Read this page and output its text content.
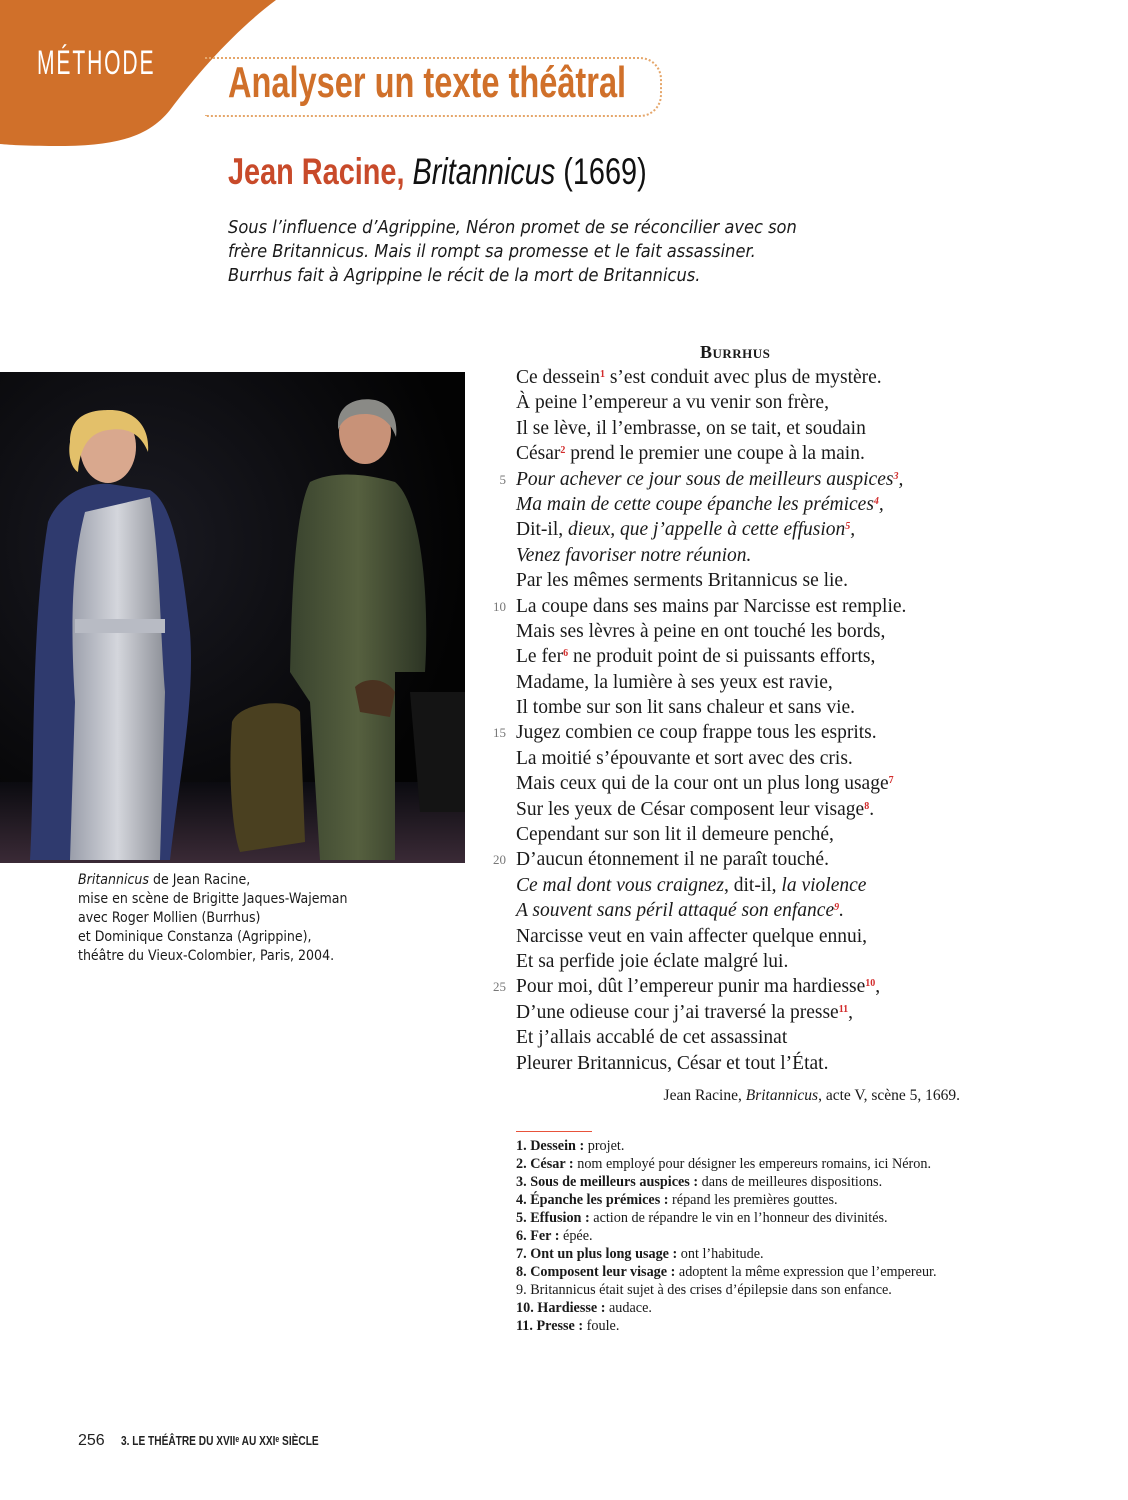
MÉTHODE Analyser un texte théâtral
Jean Racine, Britannicus (1669)
Sous l’influence d’Agrippine, Néron promet de se réconcilier avec son
frère Britannicus. Mais il rompt sa promesse et le fait assassiner.
Burrhus fait à Agrippine le récit de la mort de Britannicus.
Britannicus de Jean Racine,
mise en scène de Brigitte Jaques-Wajeman
avec Roger Mollien (Burrhus)
et Dominique Constanza (Agrippine),
théâtre du Vieux-Colombier, Paris, 2004.
Burrhus
Ce dessein$^1$ s’est conduit avec plus de mystère.
À peine l’empereur a vu venir son frère,
Il se lève, il l’embrasse, on se tait, et soudain
César$^2$ prend le premier une coupe à la main.
5 Pour achever ce jour sous de meilleurs auspices$^3$,
Ma main de cette coupe épanche les prémices$^4$,
Dit-il, dieux, que j’appelle à cette effusion$^5$,
Venez favoriser notre réunion.
Par les mêmes serments Britannicus se lie.
10 La coupe dans ses mains par Narcisse est remplie.
Mais ses lèvres à peine en ont touché les bords,
Le fer$^6$ ne produit point de si puissants efforts,
Madame, la lumière à ses yeux est ravie,
Il tombe sur son lit sans chaleur et sans vie.
15 Jugez combien ce coup frappe tous les esprits.
La moitié s’épouvante et sort avec des cris.
Mais ceux qui de la cour ont un plus long usage$^7$
Sur les yeux de César composent leur visage$^8$.
Cependant sur son lit il demeure penché,
20 D’aucun étonnement il ne paraît touché.
Ce mal dont vous craignez, dit-il, la violence
A souvent sans péril attaqué son enfance$^9$.
Narcisse veut en vain affecter quelque ennui,
Et sa perfide joie éclate malgré lui.
25 Pour moi, dût l’empereur punir ma hardiesse$^{10}$,
D’une odieuse cour j’ai traversé la presse$^{11}$,
Et j’allais accablé de cet assassinat
Pleurer Britannicus, César et tout l’État.
Jean Racine, Britannicus, acte V, scène 5, 1669.
1. Dessein : projet.
2. César : nom employé pour désigner les empereurs romains, ici Néron.
3. Sous de meilleurs auspices : dans de meilleures dispositions.
4. Épanche les prémices : répand les premières gouttes.
5. Effusion : action de répandre le vin en l’honneur des divinités.
6. Fer : épée.
7. Ont un plus long usage : ont l’habitude.
8. Composent leur visage : adoptent la même expression que l’empereur.
9. Britannicus était sujet à des crises d’épilepsie dans son enfance.
10. Hardiesse : audace.
11. Presse : foule.
256 3. LE THÉÂTRE DU XVIIᵉ AU XXIᵉ SIÈCLE
